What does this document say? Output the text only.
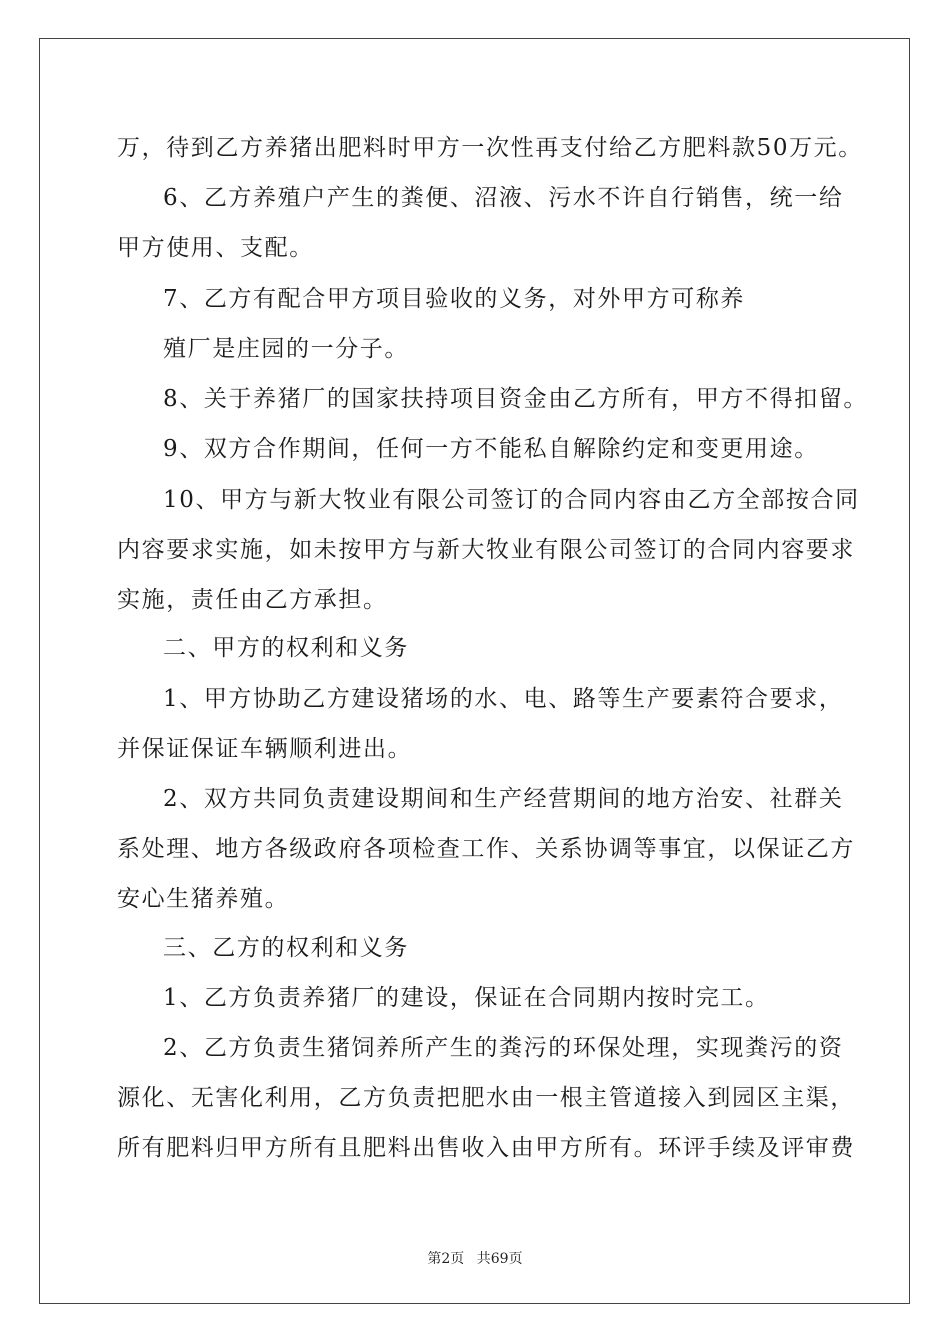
万，待到乙方养猪出肥料时甲方一次性再支付给乙方肥料款50万元。
6、乙方养殖户产生的粪便、沼液、污水不许自行销售，统一给
甲方使用、支配。
7、乙方有配合甲方项目验收的义务，对外甲方可称养
殖厂是庄园的一分子。
8、关于养猪厂的国家扶持项目资金由乙方所有，甲方不得扣留。
9、双方合作期间，任何一方不能私自解除约定和变更用途。
10、甲方与新大牧业有限公司签订的合同内容由乙方全部按合同
内容要求实施，如未按甲方与新大牧业有限公司签订的合同内容要求
实施，责任由乙方承担。
二、甲方的权利和义务
1、甲方协助乙方建设猪场的水、电、路等生产要素符合要求，
并保证保证车辆顺利进出。
2、双方共同负责建设期间和生产经营期间的地方治安、社群关
系处理、地方各级政府各项检查工作、关系协调等事宜，以保证乙方
安心生猪养殖。
三、乙方的权利和义务
1、乙方负责养猪厂的建设，保证在合同期内按时完工。
2、乙方负责生猪饲养所产生的粪污的环保处理，实现粪污的资
源化、无害化利用，乙方负责把肥水由一根主管道接入到园区主渠，
所有肥料归甲方所有且肥料出售收入由甲方所有。环评手续及评审费
第2页 共69页
